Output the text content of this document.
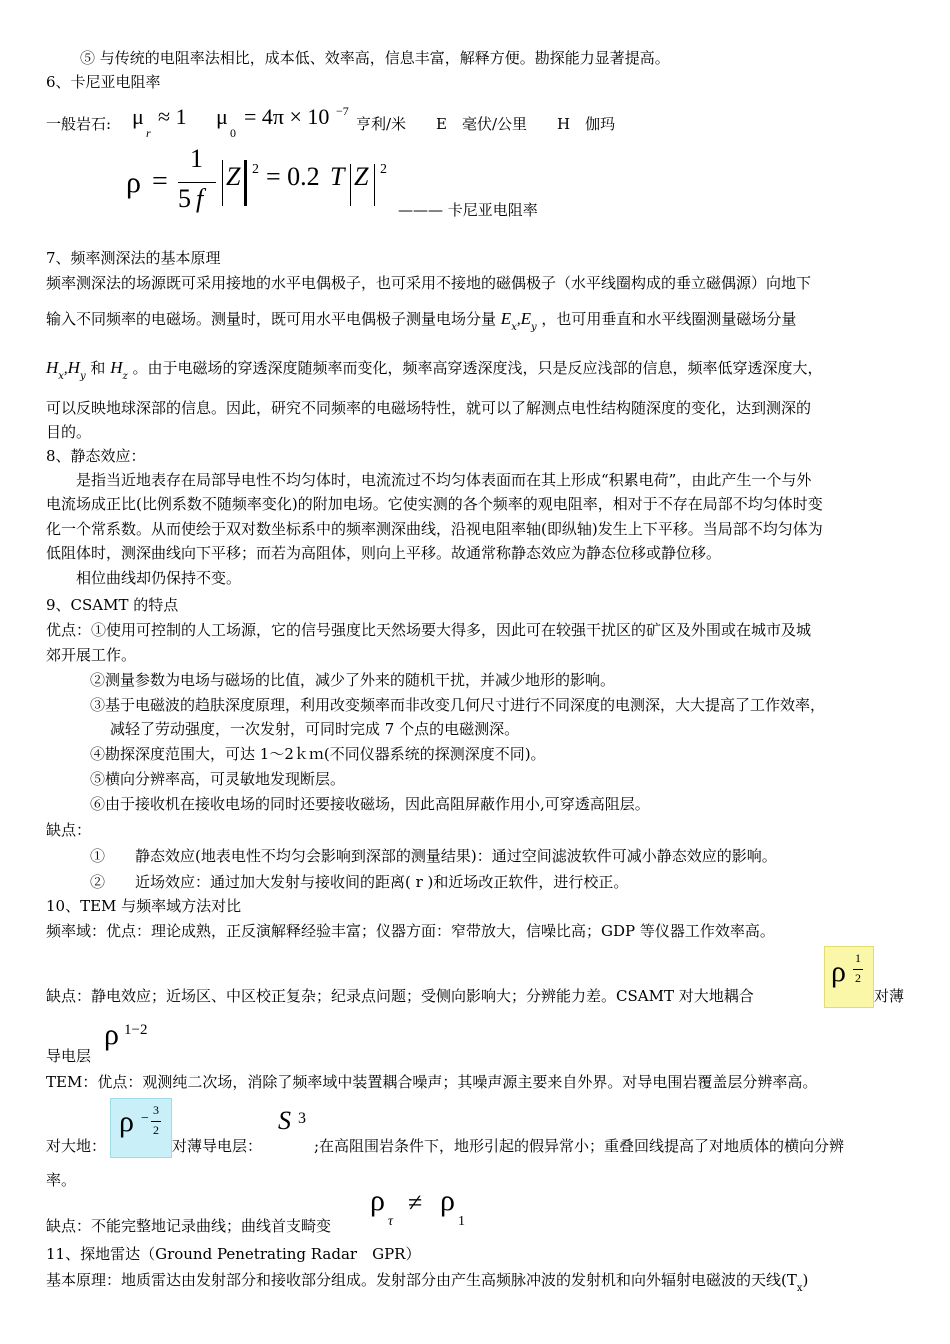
⑤ 与传统的电阻率法相比，成本低、效率高，信息丰富，解释方便。勘探能力显著提高。
6、卡尼亚电阻率
一般岩石: μ
r
≈ 1 μ
0
= 4π × 10 −7
亨利/米　　E　毫伏/公里　　H　伽玛
ρ =
1
5 f
Z 2 = 0.2 T Z 2
——— 卡尼亚电阻率
7、频率测深法的基本原理
频率测深法的场源既可采用接地的水平电偶极子，也可采用不接地的磁偶极子（水平线圈构成的垂立磁偶源）向地下
输入不同频率的电磁场。测量时，既可用水平电偶极子测量电场分量 $E_x,E_y$ ，也可用垂直和水平线圈测量磁场分量
$H_x,H_y$ 和 $H_z$ 。由于电磁场的穿透深度随频率而变化，频率高穿透深度浅，只是反应浅部的信息，频率低穿透深度大，
可以反映地球深部的信息。因此，研究不同频率的电磁场特性，就可以了解测点电性结构随深度的变化，达到测深的
目的。
8、静态效应：
是指当近地表存在局部导电性不均匀体时，电流流过不均匀体表面而在其上形成“积累电荷”，由此产生一个与外
电流场成正比(比例系数不随频率变化)的附加电场。它使实测的各个频率的观电阻率，相对于不存在局部不均匀体时变
化一个常系数。从而使绘于双对数坐标系中的频率测深曲线，沿视电阻率轴(即纵轴)发生上下平移。当局部不均匀体为
低阻体时，测深曲线向下平移；而若为高阻体，则向上平移。故通常称静态效应为静态位移或静位移。
相位曲线却仍保持不变。
9、CSAMT 的特点
优点：①使用可控制的人工场源，它的信号强度比天然场要大得多，因此可在较强干扰区的矿区及外围或在城市及城
郊开展工作。
②测量参数为电场与磁场的比值，减少了外来的随机干扰，并减少地形的影响。
③基于电磁波的趋肤深度原理，利用改变频率而非改变几何尺寸进行不同深度的电测深，大大提高了工作效率，
减轻了劳动强度，一次发射，可同时完成 7 个点的电磁测深。
④勘探深度范围大，可达 1～2ｋｍ(不同仪器系统的探测深度不同)。
⑤横向分辨率高，可灵敏地发现断层。
⑥由于接收机在接收电场的同时还要接收磁场，因此高阻屏蔽作用小,可穿透高阻层。
缺点：
①　　静态效应(地表电性不均匀会影响到深部的测量结果)：通过空间滤波软件可减小静态效应的影响。
②　　近场效应：通过加大发射与接收间的距离( r )和近场改正软件，进行校正。
10、TEM 与频率域方法对比
频率域：优点：理论成熟，正反演解释经验丰富；仪器方面：窄带放大，信噪比高；GDP 等仪器工作效率高。
缺点：静电效应；近场区、中区校正复杂；纪录点问题；受侧向影响大；分辨能力差。CSAMT 对大地耦合
ρ 1
2
对薄
ρ 1−2
导电层
TEM：优点：观测纯二次场，消除了频率域中装置耦合噪声；其噪声源主要来自外界。对导电围岩覆盖层分辨率高。
对大地：
ρ −
3
2
对薄导电层：
S 3
;在高阻围岩条件下，地形引起的假异常小；重叠回线提高了对地质体的横向分辨
率。
缺点：不能完整地记录曲线；曲线首支畸变
ρ
τ
≠ ρ
1
11、探地雷达（Ground Penetrating Radar　GPR）
基本原理：地质雷达由发射部分和接收部分组成。发射部分由产生高频脉冲波的发射机和向外辐射电磁波的天线$(T_x)$
